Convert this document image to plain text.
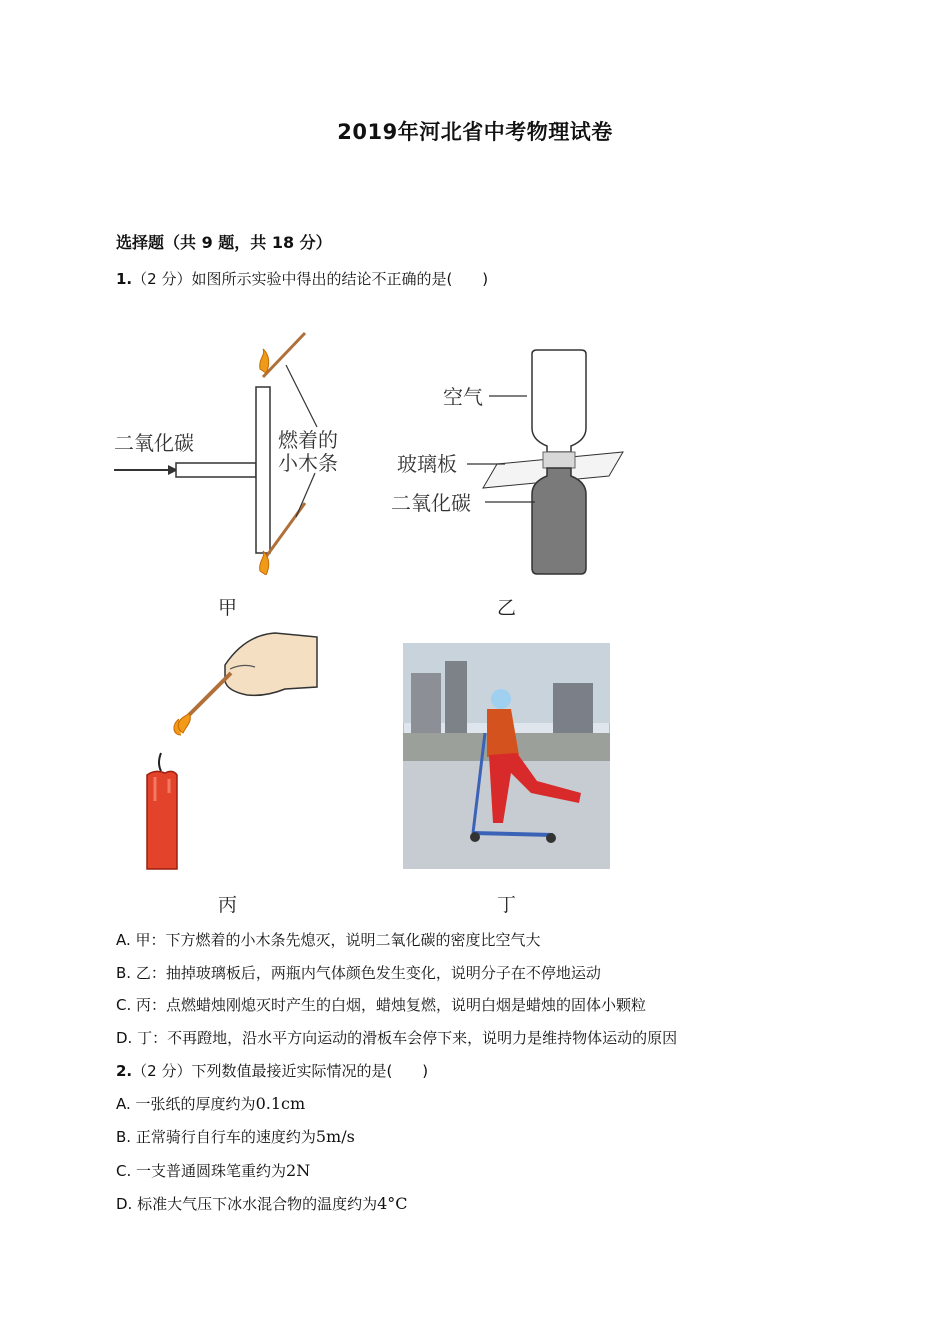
2019年河北省中考物理试卷
选择题（共 9 题，共 18 分）
1.（2 分）如图所示实验中得出的结论不正确的是(　　)
二氧化碳	燃着的
小木条
甲
空气
玻璃板
二氧化碳
乙
丙	丁
A. 甲：下方燃着的小木条先熄灭，说明二氧化碳的密度比空气大
B. 乙：抽掉玻璃板后，两瓶内气体颜色发生变化，说明分子在不停地运动
C. 丙：点燃蜡烛刚熄灭时产生的白烟，蜡烛复燃，说明白烟是蜡烛的固体小颗粒
D. 丁：不再蹬地，沿水平方向运动的滑板车会停下来，说明力是维持物体运动的原因
2.（2 分）下列数值最接近实际情况的是(　　)
A. 一张纸的厚度约为0.1cm
B. 正常骑行自行车的速度约为5m/s
C. 一支普通圆珠笔重约为2N
D. 标准大气压下冰水混合物的温度约为4°C
